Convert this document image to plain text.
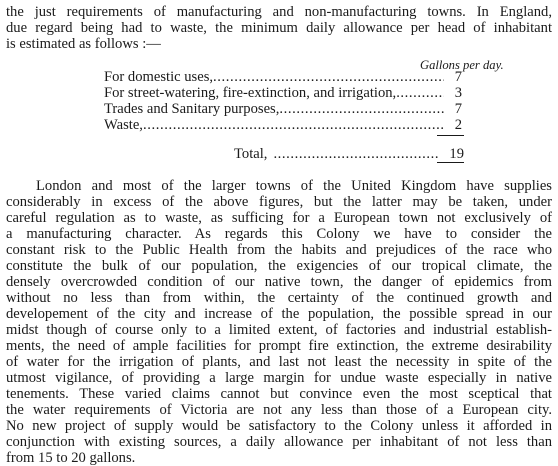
the just requirements of manufacturing and non-manufacturing towns. In England,
due regard being had to waste, the minimum daily allowance per head of inhabitant
is estimated as follows :—
Gallons per day.
For domestic uses, .....	7
For street-watering, fire-extinction, and irrigation, .....	3
Trades and Sanitary purposes, .....	7
Waste, .....	2
Total, .....	19
London and most of the larger towns of the United Kingdom have supplies
considerably in excess of the above figures, but the latter may be taken, under
careful regulation as to waste, as sufficing for a European town not exclusively of
a manufacturing character. As regards this Colony we have to consider the
constant risk to the Public Health from the habits and prejudices of the race who
constitute the bulk of our population, the exigencies of our tropical climate, the
densely overcrowded condition of our native town, the danger of epidemics from
without no less than from within, the certainty of the continued growth and
developement of the city and increase of the population, the possible spread in our
midst though of course only to a limited extent, of factories and industrial establish-
ments, the need of ample facilities for prompt fire extinction, the extreme desirability
of water for the irrigation of plants, and last not least the necessity in spite of the
utmost vigilance, of providing a large margin for undue waste especially in native
tenements. These varied claims cannot but convince even the most sceptical that
the water requirements of Victoria are not any less than those of a European city.
No new project of supply would be satisfactory to the Colony unless it afforded in
conjunction with existing sources, a daily allowance per inhabitant of not less than
from 15 to 20 gallons.
